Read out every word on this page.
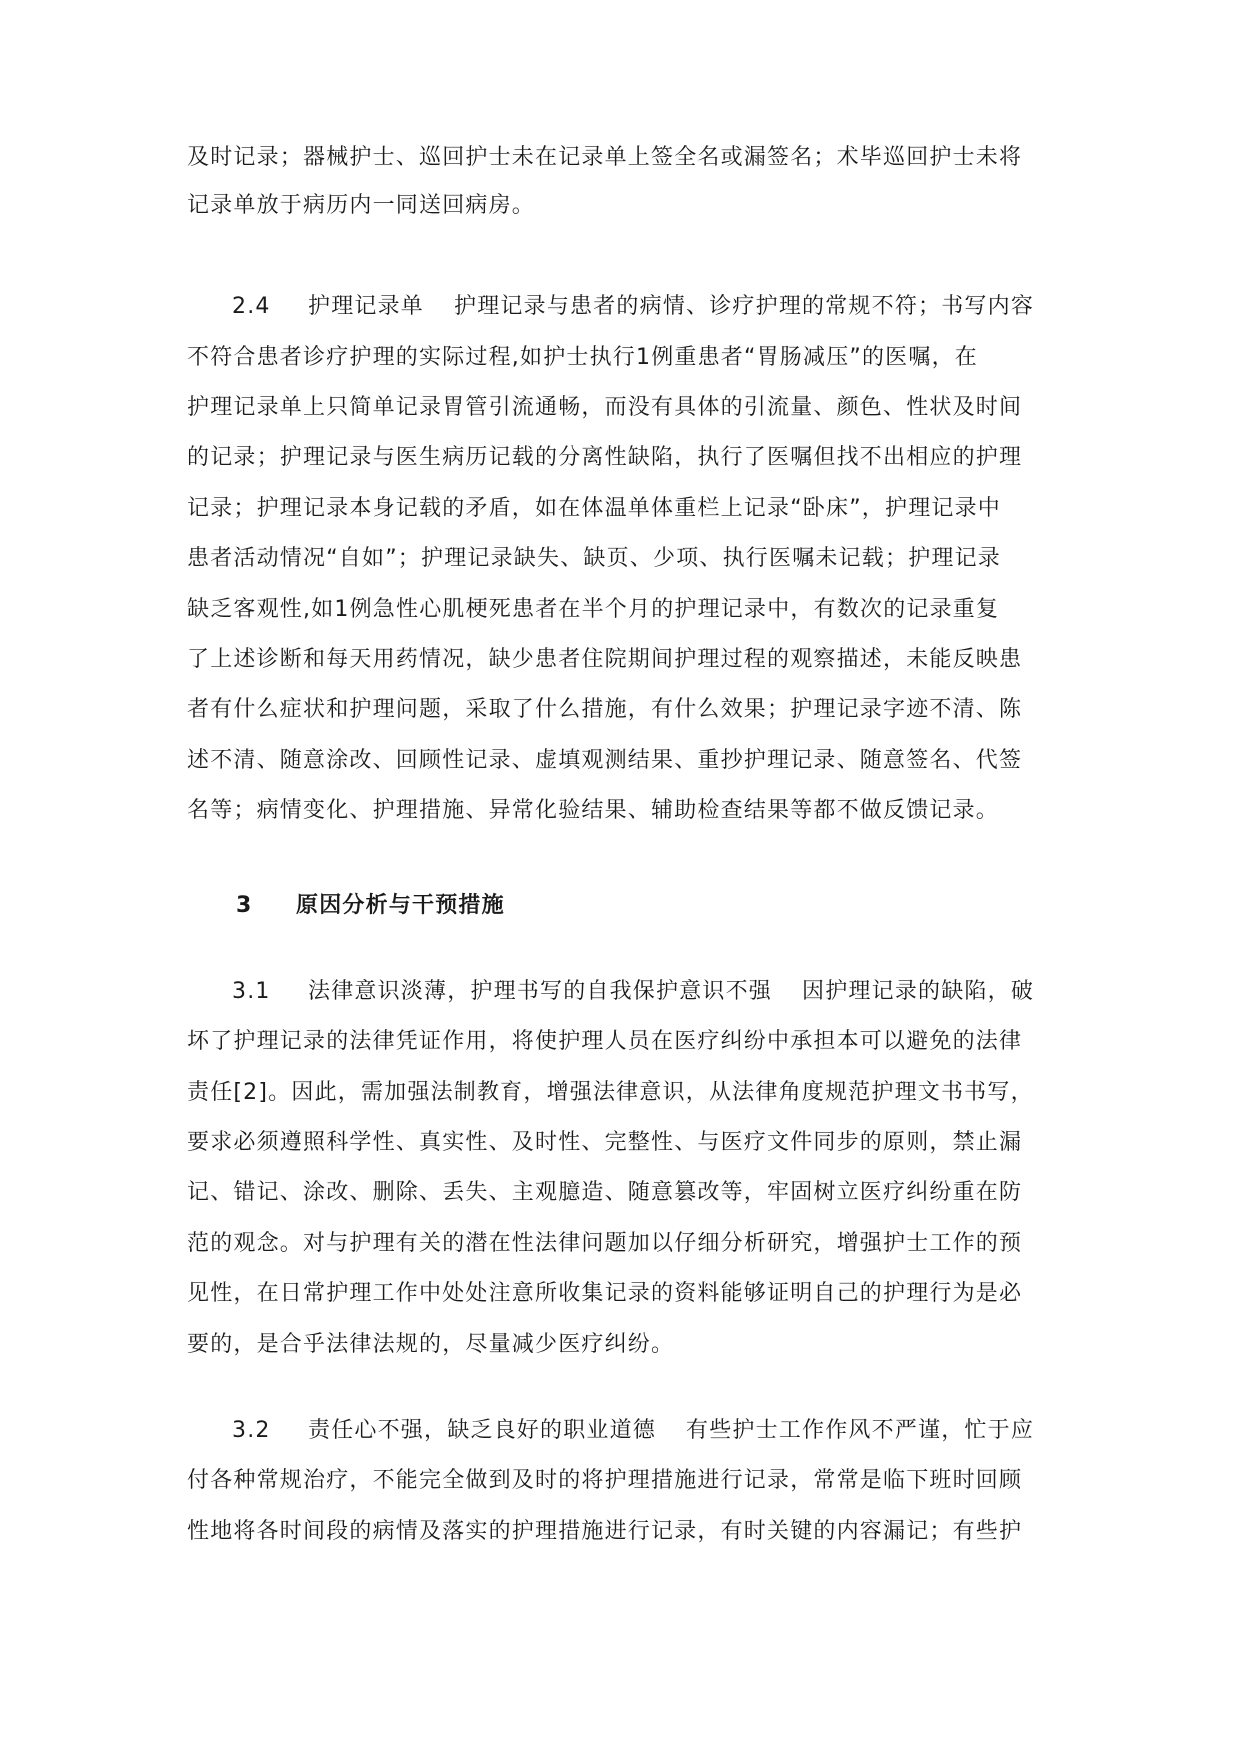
及时记录；器械护士、巡回护士未在记录单上签全名或漏签名；术毕巡回护士未将
记录单放于病历内一同送回病房。
2.4 护理记录单 护理记录与患者的病情、诊疗护理的常规不符；书写内容
不符合患者诊疗护理的实际过程,如护士执行1例重患者“胃肠减压”的医嘱，在
护理记录单上只简单记录胃管引流通畅，而没有具体的引流量、颜色、性状及时间
的记录；护理记录与医生病历记载的分离性缺陷，执行了医嘱但找不出相应的护理
记录；护理记录本身记载的矛盾，如在体温单体重栏上记录“卧床”，护理记录中
患者活动情况“自如”；护理记录缺失、缺页、少项、执行医嘱未记载；护理记录
缺乏客观性,如1例急性心肌梗死患者在半个月的护理记录中，有数次的记录重复
了上述诊断和每天用药情况，缺少患者住院期间护理过程的观察描述，未能反映患
者有什么症状和护理问题，采取了什么措施，有什么效果；护理记录字迹不清、陈
述不清、随意涂改、回顾性记录、虚填观测结果、重抄护理记录、随意签名、代签
名等；病情变化、护理措施、异常化验结果、辅助检查结果等都不做反馈记录。
3 原因分析与干预措施
3.1 法律意识淡薄，护理书写的自我保护意识不强 因护理记录的缺陷，破
坏了护理记录的法律凭证作用，将使护理人员在医疗纠纷中承担本可以避免的法律
责任[2]。因此，需加强法制教育，增强法律意识，从法律角度规范护理文书书写，
要求必须遵照科学性、真实性、及时性、完整性、与医疗文件同步的原则，禁止漏
记、错记、涂改、删除、丢失、主观臆造、随意篡改等，牢固树立医疗纠纷重在防
范的观念。对与护理有关的潜在性法律问题加以仔细分析研究，增强护士工作的预
见性，在日常护理工作中处处注意所收集记录的资料能够证明自己的护理行为是必
要的，是合乎法律法规的，尽量减少医疗纠纷。
3.2 责任心不强，缺乏良好的职业道德 有些护士工作作风不严谨，忙于应
付各种常规治疗，不能完全做到及时的将护理措施进行记录，常常是临下班时回顾
性地将各时间段的病情及落实的护理措施进行记录，有时关键的内容漏记；有些护
